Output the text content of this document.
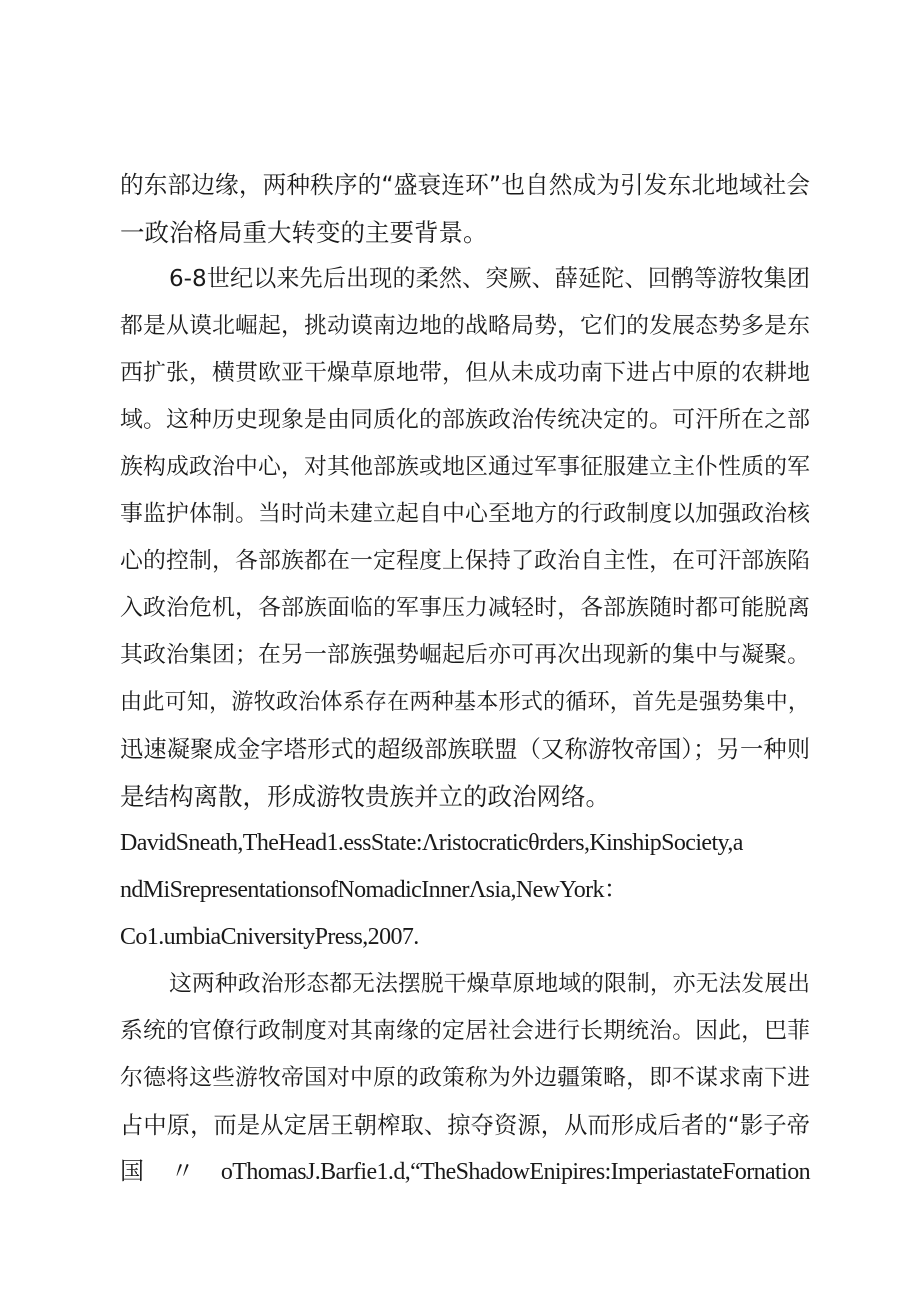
的东部边缘，两种秩序的“盛衰连环”也自然成为引发东北地域社会
一政治格局重大转变的主要背景。
6-8世纪以来先后出现的柔然、突厥、薛延陀、回鹘等游牧集团
都是从谟北崛起，挑动谟南边地的战略局势，它们的发展态势多是东
西扩张，横贯欧亚干燥草原地带，但从未成功南下进占中原的农耕地
域。这种历史现象是由同质化的部族政治传统决定的。可汗所在之部
族构成政治中心，对其他部族或地区通过军事征服建立主仆性质的军
事监护体制。当时尚未建立起自中心至地方的行政制度以加强政治核
心的控制，各部族都在一定程度上保持了政治自主性，在可汗部族陷
入政治危机，各部族面临的军事压力减轻时，各部族随时都可能脱离
其政治集团；在另一部族强势崛起后亦可再次出现新的集中与凝聚。
由此可知，游牧政治体系存在两种基本形式的循环，首先是强势集中，
迅速凝聚成金字塔形式的超级部族联盟（又称游牧帝国）；另一种则
是结构离散，形成游牧贵族并立的政治网络。
DavidSneath,TheHead1.essState:Λristocraticθrders,KinshipSociety,a
ndMiSrepresentationsofNomadicInnerΛsia,NewYork：
Co1.umbiaCniversityPress,2007.
这两种政治形态都无法摆脱干燥草原地域的限制，亦无法发展出
系统的官僚行政制度对其南缘的定居社会进行长期统治。因此，巴菲
尔德将这些游牧帝国对中原的政策称为外边疆策略，即不谋求南下进
占中原，而是从定居王朝榨取、掠夺资源，从而形成后者的“影子帝
国〃oThomasJ.Barfie1.d,“TheShadowEnipires:ImperiastateFornation
